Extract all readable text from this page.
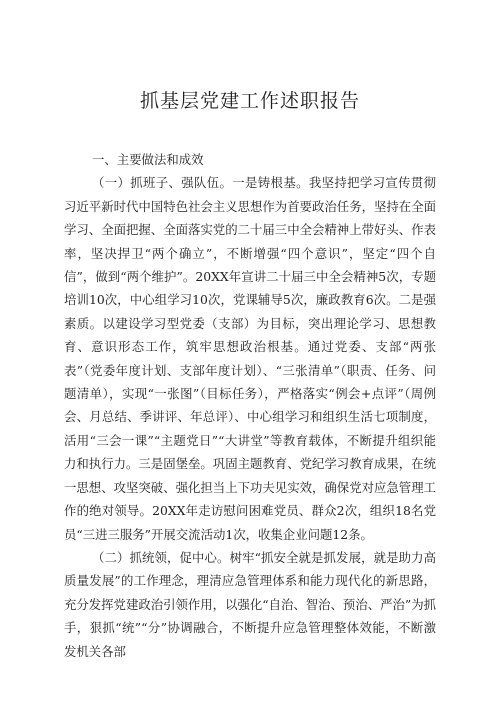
抓基层党建工作述职报告

一、主要做法和成效

（一）抓班子、强队伍。一是铸根基。我坚持把学习宣传贯彻习近平新时代中国特色社会主义思想作为首要政治任务，坚持在全面学习、全面把握、全面落实党的二十届三中全会精神上带好头、作表率，坚决捍卫“两个确立”，不断增强“四个意识”，坚定“四个自信”，做到“两个维护”。20XX年宣讲二十届三中全会精神5次，专题培训10次，中心组学习10次，党课辅导5次，廉政教育6次。二是强素质。以建设学习型党委（支部）为目标，突出理论学习、思想教育、意识形态工作，筑牢思想政治根基。通过党委、支部“两张表”（党委年度计划、支部年度计划）、“三张清单”（职责、任务、问题清单），实现“一张图”（目标任务），严格落实“例会+点评”（周例会、月总结、季讲评、年总评）、中心组学习和组织生活七项制度，活用“三会一课”“主题党日”“大讲堂”等教育载体，不断提升组织能力和执行力。三是固堡垒。巩固主题教育、党纪学习教育成果，在统一思想、攻坚突破、强化担当上下功夫见实效，确保党对应急管理工作的绝对领导。20XX年走访慰问困难党员、群众2次，组织18名党员“三进三服务”开展交流活动1次，收集企业问题12条。

（二）抓统领，促中心。树牢“抓安全就是抓发展，就是助力高质量发展”的工作理念，理清应急管理体系和能力现代化的新思路，充分发挥党建政治引领作用，以强化“自治、智治、预治、严治”为抓手，狠抓“统”“分”协调融合，不断提升应急管理整体效能，不断激发机关各部
